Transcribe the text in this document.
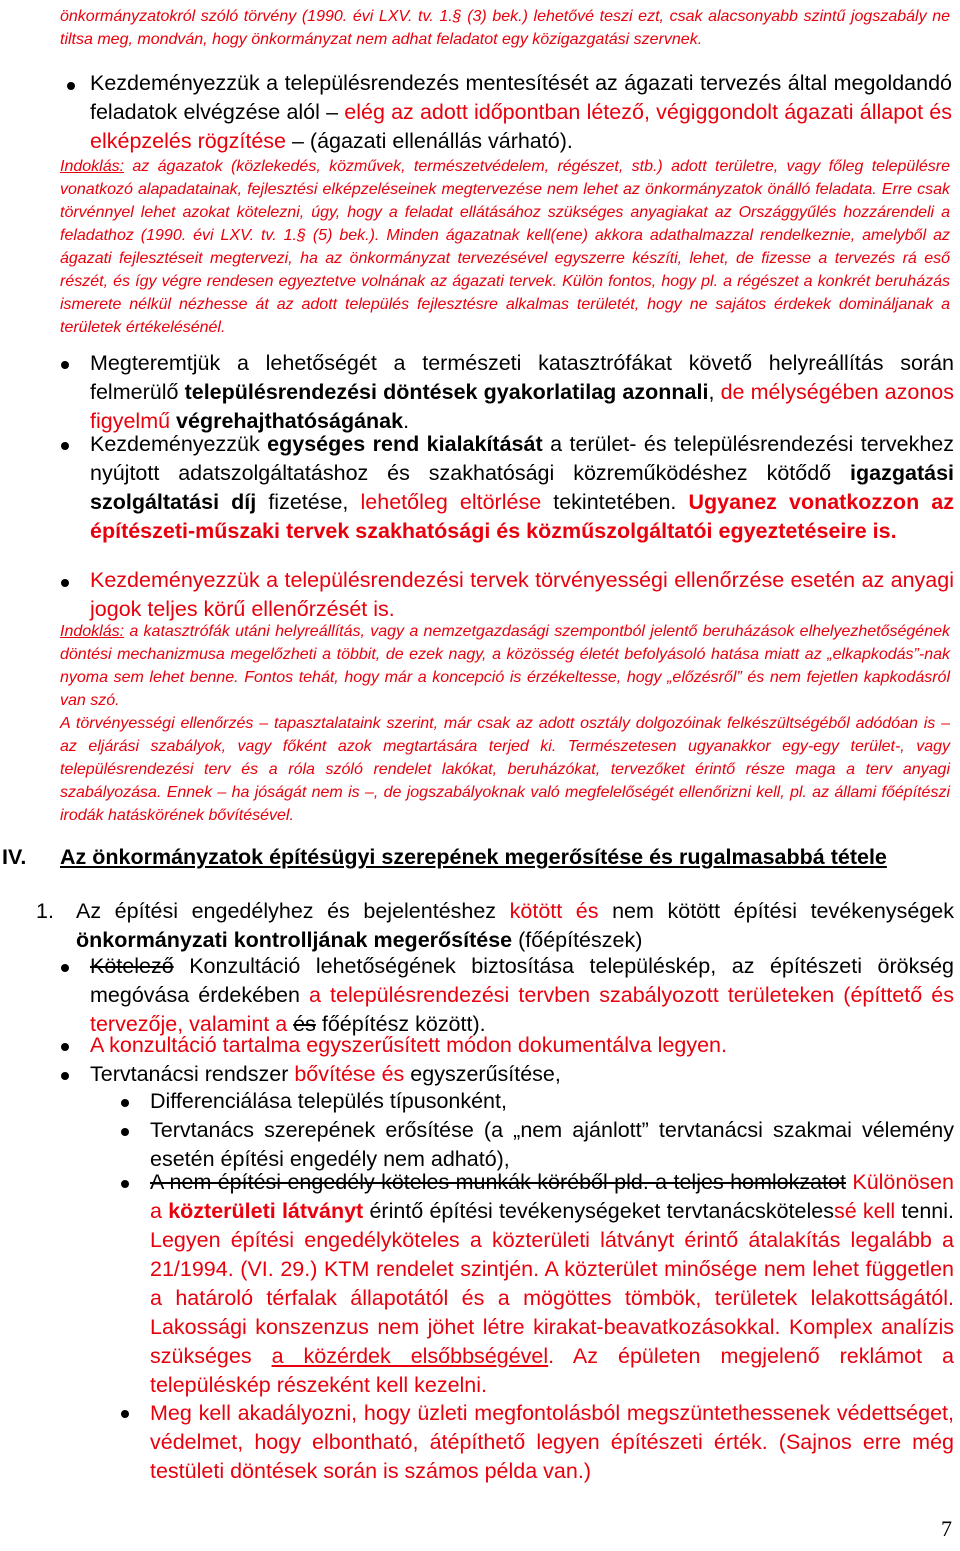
önkormányzatokról szóló törvény (1990. évi LXV. tv. 1.§ (3) bek.) lehetővé teszi ezt, csak alacsonyabb szintű jogszabály ne tiltsa meg, mondván, hogy önkormányzat nem adhat feladatot egy közigazgatási szervnek.
Kezdeményezzük a településrendezés mentesítését az ágazati tervezés által megoldandó feladatok elvégzése alól – elég az adott időpontban létező, végiggondolt ágazati állapot és elképzelés rögzítése – (ágazati ellenállás várható).
Indoklás: az ágazatok (közlekedés, közművek, természetvédelem, régészet, stb.) adott területre, vagy főleg településre vonatkozó alapadatainak, fejlesztési elképzeléseinek megtervezése nem lehet az önkormányzatok önálló feladata. Erre csak törvénnyel lehet azokat kötelezni, úgy, hogy a feladat ellátásához szükséges anyagiakat az Országgyűlés hozzárendeli a feladathoz (1990. évi LXV. tv. 1.§ (5) bek.). Minden ágazatnak kell(ene) akkora adathalmazzal rendelkeznie, amelyből az ágazati fejlesztéseit megtervezi, ha az önkormányzat tervezésével egyszerre készíti, lehet, de fizesse a tervezés rá eső részét, és így végre rendesen egyeztetve volnának az ágazati tervek. Külön fontos, hogy pl. a régészet a konkrét beruházás ismerete nélkül nézhesse át az adott település fejlesztésre alkalmas területét, hogy ne sajátos érdekek domináljanak a területek értékelésénél.
Megteremtjük a lehetőségét a természeti katasztrófákat követő helyreállítás során felmerülő településrendezési döntések gyakorlatilag azonnali, de mélységében azonos figyelmű végrehajthatóságának.
Kezdeményezzük egységes rend kialakítását a terület- és településrendezési tervekhez nyújtott adatszolgáltatáshoz és szakhatósági közreműködéshez kötődő igazgatási szolgáltatási díj fizetése, lehetőleg eltörlése tekintetében. Ugyanez vonatkozzon az építészeti-műszaki tervek szakhatósági és közműszolgáltatói egyeztetéseire is.
Kezdeményezzük a településrendezési tervek törvényességi ellenőrzése esetén az anyagi jogok teljes körű ellenőrzését is.
Indoklás: a katasztrófák utáni helyreállítás, vagy a nemzetgazdasági szempontból jelentő beruházások elhelyezhetőségének döntési mechanizmusa megelőzheti a többit, de ezek nagy, a közösség életét befolyásoló hatása miatt az „elkapkodás”-nak nyoma sem lehet benne. Fontos tehát, hogy már a koncepció is érzékeltesse, hogy „előzésről” és nem fejetlen kapkodásról van szó.
A törvényességi ellenőrzés – tapasztalataink szerint, már csak az adott osztály dolgozóinak felkészültségéből adódóan is – az eljárási szabályok, vagy főként azok megtartására terjed ki. Természetesen ugyanakkor egy-egy terület-, vagy településrendezési terv és a róla szóló rendelet lakókat, beruházókat, tervezőket érintő része maga a terv anyagi szabályozása. Ennek – ha jóságát nem is –, de jogszabályoknak való megfelelőségét ellenőrizni kell, pl. az állami főépítészi irodák hatáskörének bővítésével.
IV. Az önkormányzatok építésügyi szerepének megerősítése és rugalmasabbá tétele
1.	Az építési engedélyhez és bejelentéshez kötött és nem kötött építési tevékenységek önkormányzati kontrolljának megerősítése (főépítészek)
Kötelező Konzultáció lehetőségének biztosítása településkép, az építészeti örökség megóvása érdekében a településrendezési tervben szabályozott területeken (építtető és tervezője, valamint a és főépítész között).
A konzultáció tartalma egyszerűsített módon dokumentálva legyen.
Tervtanácsi rendszer bővítése és egyszerűsítése,
Differenciálása település típusonként,
Tervtanács szerepének erősítése (a „nem ajánlott” tervtanácsi szakmai vélemény esetén építési engedély nem adható),
A nem építési engedély köteles munkák köréből pld. a teljes homlokzatot Különösen a közterületi látványt érintő építési tevékenységeket tervtanácskötelessé kell tenni. Legyen építési engedélyköteles a közterületi látványt érintő átalakítás legalább a 21/1994. (VI. 29.) KTM rendelet szintjén. A közterület minősége nem lehet független a határoló térfalak állapotától és a mögöttes tömbök, területek lelakottságától. Lakossági konszenzus nem jöhet létre kirakat-beavatkozásokkal. Komplex analízis szükséges a közérdek elsőbbségével. Az épületen megjelenő reklámot a településkép részeként kell kezelni.
Meg kell akadályozni, hogy üzleti megfontolásból megszüntethessenek védettséget, védelmet, hogy elbontható, átépíthető legyen építészeti érték. (Sajnos erre még testületi döntések során is számos példa van.)
7
